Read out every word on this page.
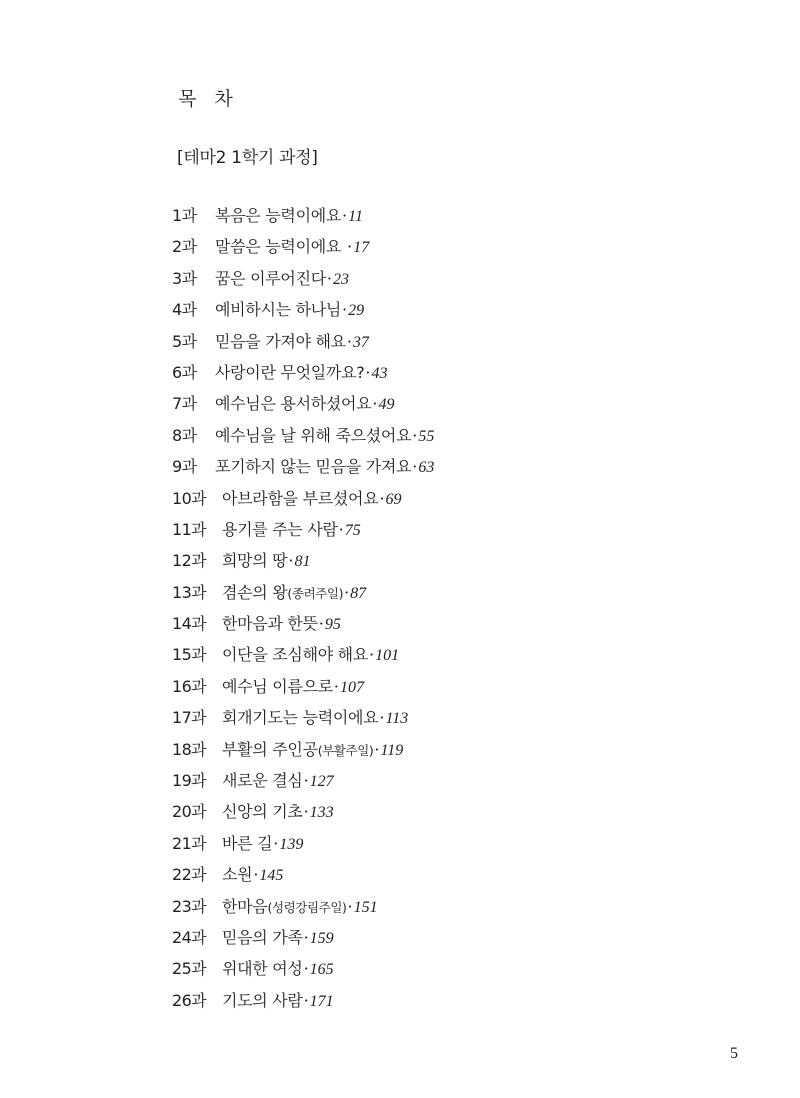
목 차
[테마2 1학기 과정]
1과	복음은 능력이에요 · 11
2과	말씀은 능력이에요 · 17
3과	꿈은 이루어진다 · 23
4과	예비하시는 하나님 · 29
5과	믿음을 가져야 해요 · 37
6과	사랑이란 무엇일까요? · 43
7과	예수님은 용서하셨어요 · 49
8과	예수님을 날 위해 죽으셨어요 · 55
9과	포기하지 않는 믿음을 가져요 · 63
10과 아브라함을 부르셨어요 · 69
11과 용기를 주는 사람 · 75
12과 희망의 땅 · 81
13과 겸손의 왕 (종려주일) · 87
14과 한마음과 한뜻 · 95
15과 이단을 조심해야 해요 · 101
16과 예수님 이름으로 · 107
17과 회개기도는 능력이에요 · 113
18과 부활의 주인공 (부활주일) · 119
19과 새로운 결심 · 127
20과 신앙의 기초 · 133
21과 바른 길 · 139
22과 소원 · 145
23과 한마음 (성령강림주일) · 151
24과 믿음의 가족 · 159
25과 위대한 여성 · 165
26과 기도의 사람 · 171
5
